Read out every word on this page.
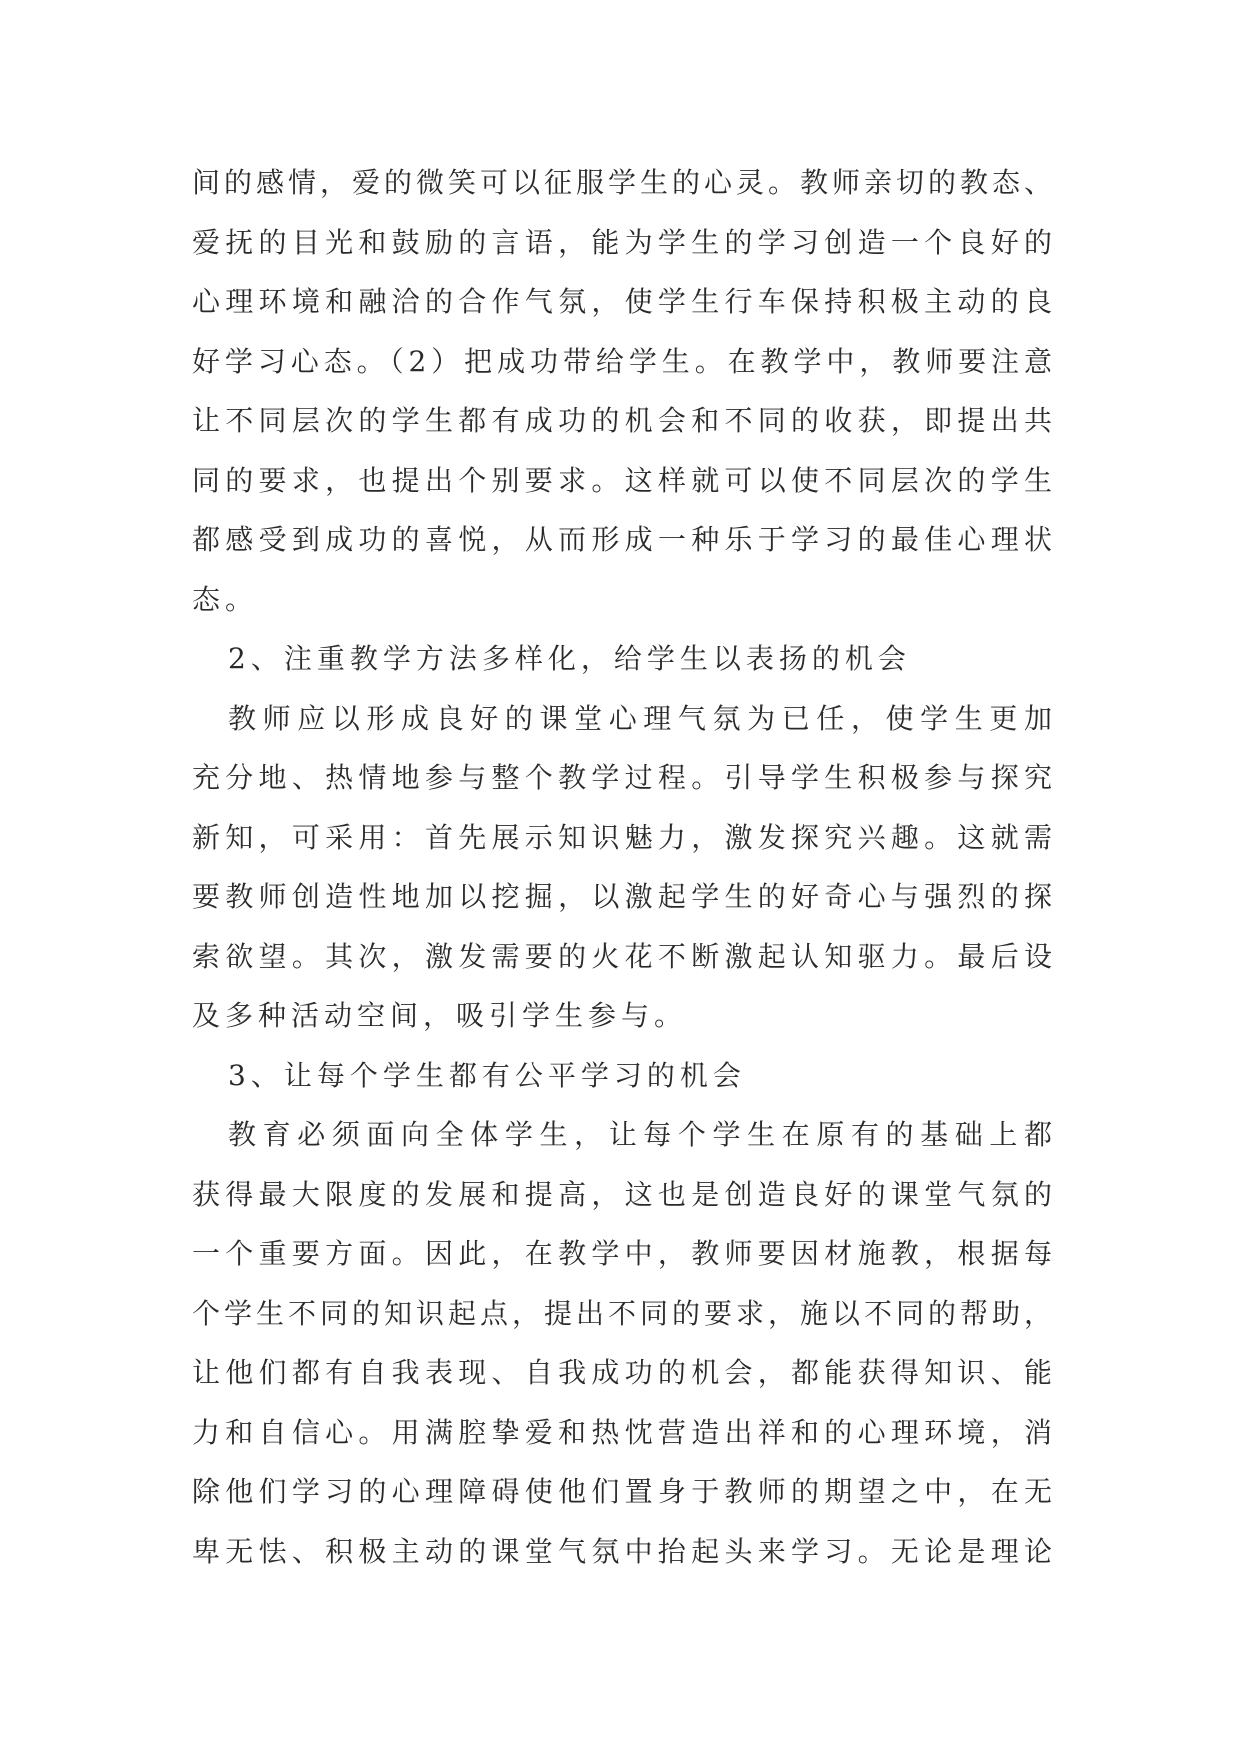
间的感情，爱的微笑可以征服学生的心灵。教师亲切的教态、
爱抚的目光和鼓励的言语，能为学生的学习创造一个良好的
心理环境和融洽的合作气氛，使学生行车保持积极主动的良
好学习心态。（2）把成功带给学生。在教学中，教师要注意
让不同层次的学生都有成功的机会和不同的收获，即提出共
同的要求，也提出个别要求。这样就可以使不同层次的学生
都感受到成功的喜悦，从而形成一种乐于学习的最佳心理状
态。
2、注重教学方法多样化，给学生以表扬的机会
教师应以形成良好的课堂心理气氛为已任，使学生更加
充分地、热情地参与整个教学过程。引导学生积极参与探究
新知，可采用：首先展示知识魅力，激发探究兴趣。这就需
要教师创造性地加以挖掘，以激起学生的好奇心与强烈的探
索欲望。其次，激发需要的火花不断激起认知驱力。最后设
及多种活动空间，吸引学生参与。
3、让每个学生都有公平学习的机会
教育必须面向全体学生，让每个学生在原有的基础上都
获得最大限度的发展和提高，这也是创造良好的课堂气氛的
一个重要方面。因此，在教学中，教师要因材施教，根据每
个学生不同的知识起点，提出不同的要求，施以不同的帮助，
让他们都有自我表现、自我成功的机会，都能获得知识、能
力和自信心。用满腔挚爱和热忱营造出祥和的心理环境，消
除他们学习的心理障碍使他们置身于教师的期望之中，在无
卑无怯、积极主动的课堂气氛中抬起头来学习。无论是理论
